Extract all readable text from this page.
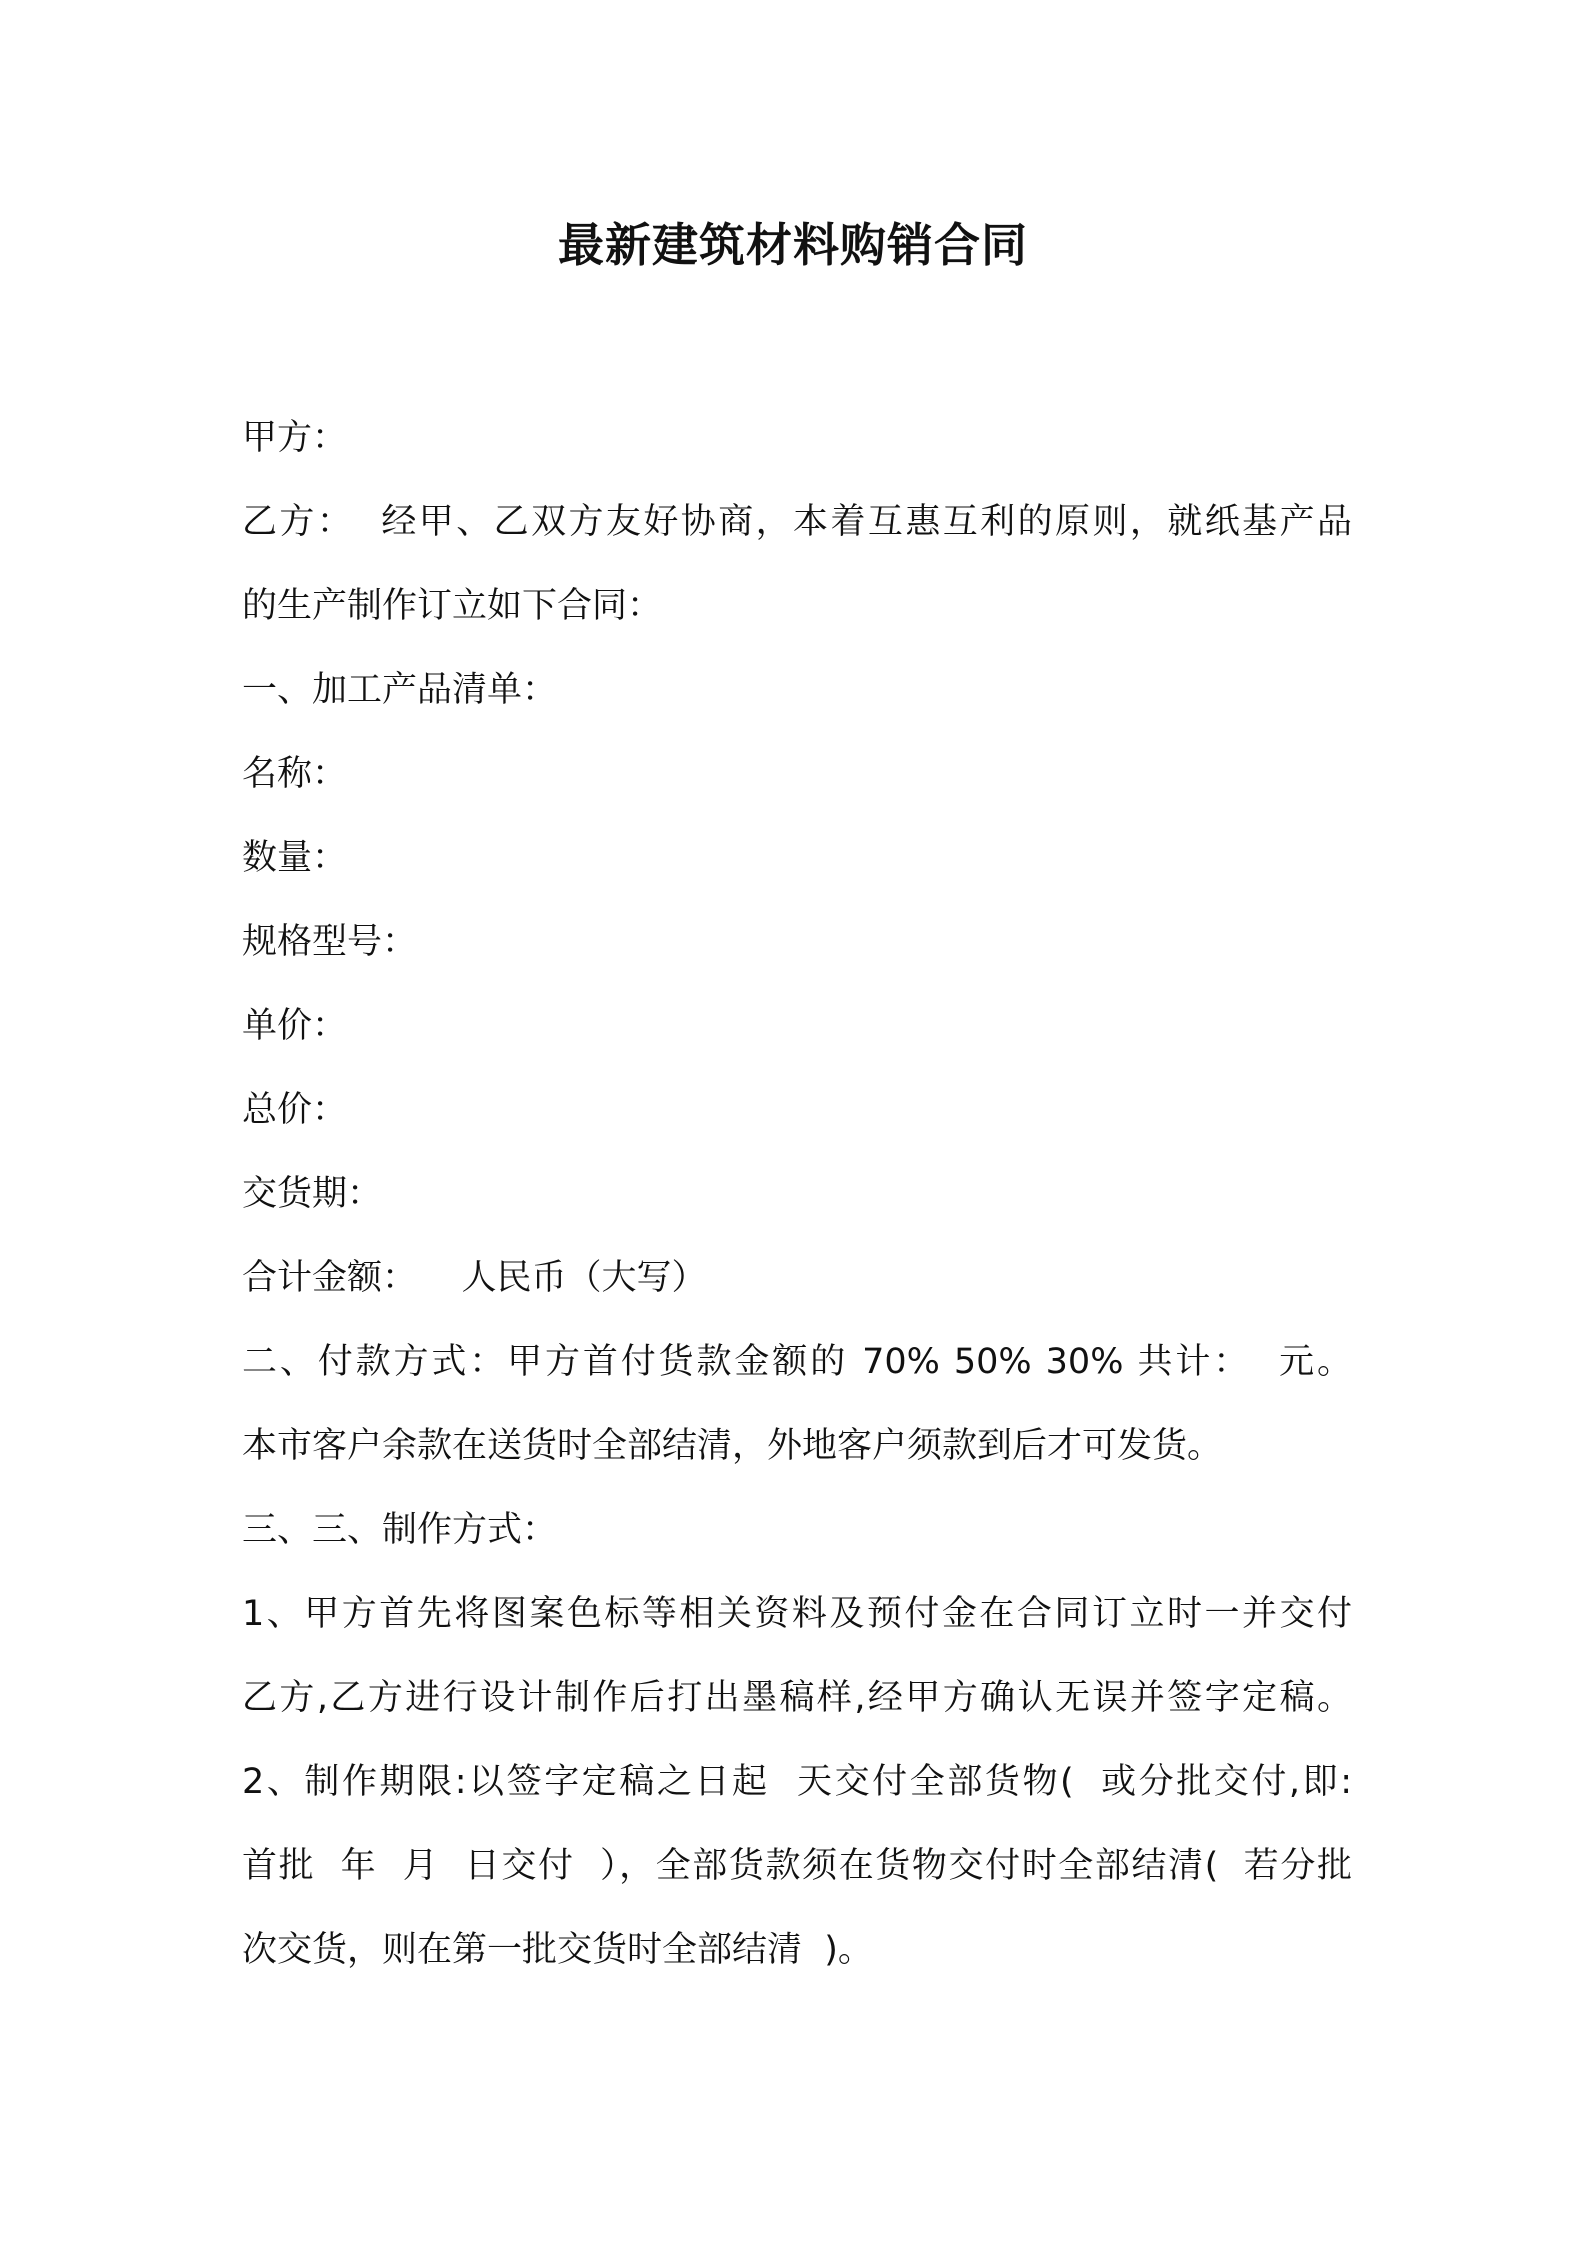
最新建筑材料购销合同
甲方：
乙方：  经甲、乙双方友好协商，本着互惠互利的原则，就纸基产品
的生产制作订立如下合同：
一、加工产品清单：
名称：
数量：
规格型号：
单价：
总价：
交货期：
合计金额：    人民币（大写）
二、付款方式：甲方首付货款金额的 70% 50% 30% 共计：  元。
本市客户余款在送货时全部结清，外地客户须款到后才可发货。
三、三、制作方式：
1、甲方首先将图案色标等相关资料及预付金在合同订立时一并交付
乙方,乙方进行设计制作后打出墨稿样,经甲方确认无误并签字定稿。
2、制作期限:以签字定稿之日起  天交付全部货物(  或分批交付,即:
首批  年  月  日交付  ），全部货款须在货物交付时全部结清(  若分批
次交货，则在第一批交货时全部结清  )。
